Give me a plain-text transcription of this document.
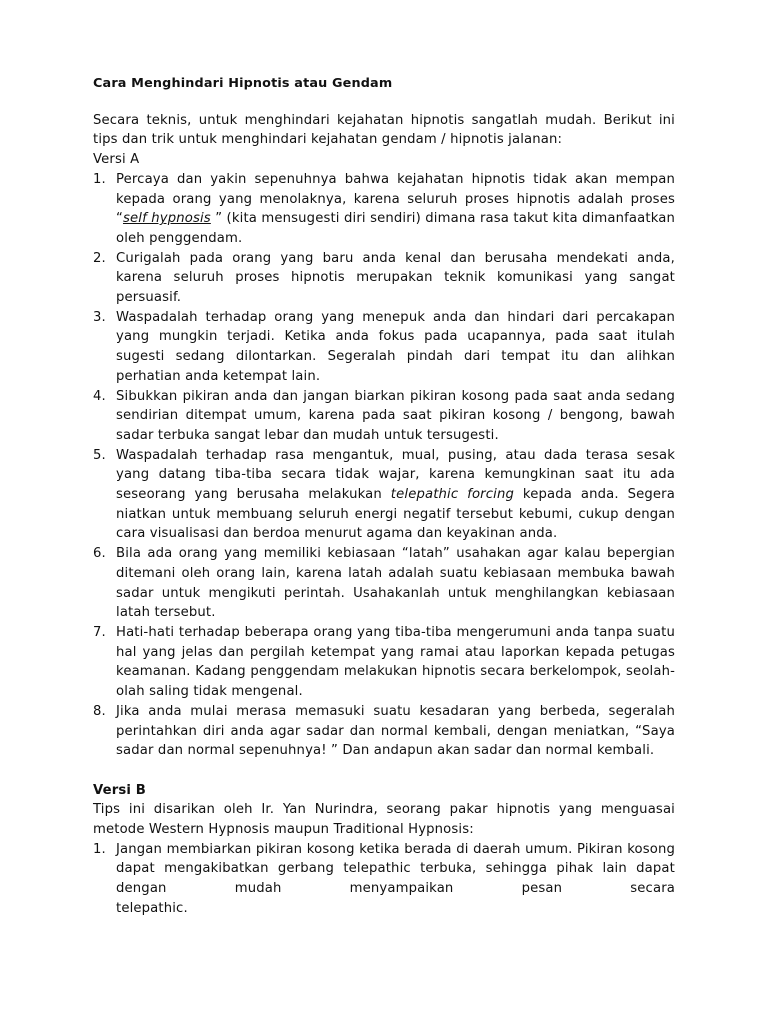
Cara Menghindari Hipnotis atau Gendam

Secara teknis, untuk menghindari kejahatan hipnotis sangatlah mudah. Berikut ini tips dan trik untuk menghindari kejahatan gendam / hipnotis jalanan:

Versi A
1. Percaya dan yakin sepenuhnya bahwa kejahatan hipnotis tidak akan mempan kepada orang yang menolaknya, karena seluruh proses hipnotis adalah proses “self hypnosis ” (kita mensugesti diri sendiri) dimana rasa takut kita dimanfaatkan oleh penggendam.
2. Curigalah pada orang yang baru anda kenal dan berusaha mendekati anda, karena seluruh proses hipnotis merupakan teknik komunikasi yang sangat persuasif.
3. Waspadalah terhadap orang yang menepuk anda dan hindari dari percakapan yang mungkin terjadi. Ketika anda fokus pada ucapannya, pada saat itulah sugesti sedang dilontarkan. Segeralah pindah dari tempat itu dan alihkan perhatian anda ketempat lain.
4. Sibukkan pikiran anda dan jangan biarkan pikiran kosong pada saat anda sedang sendirian ditempat umum, karena pada saat pikiran kosong / bengong, bawah sadar terbuka sangat lebar dan mudah untuk tersugesti.
5. Waspadalah terhadap rasa mengantuk, mual, pusing, atau dada terasa sesak yang datang tiba-tiba secara tidak wajar, karena kemungkinan saat itu ada seseorang yang berusaha melakukan telepathic forcing kepada anda. Segera niatkan untuk membuang seluruh energi negatif tersebut kebumi, cukup dengan cara visualisasi dan berdoa menurut agama dan keyakinan anda.
6. Bila ada orang yang memiliki kebiasaan “latah” usahakan agar kalau bepergian ditemani oleh orang lain, karena latah adalah suatu kebiasaan membuka bawah sadar untuk mengikuti perintah. Usahakanlah untuk menghilangkan kebiasaan latah tersebut.
7. Hati-hati terhadap beberapa orang yang tiba-tiba mengerumuni anda tanpa suatu hal yang jelas dan pergilah ketempat yang ramai atau laporkan kepada petugas keamanan. Kadang penggendam melakukan hipnotis secara berkelompok, seolah-olah saling tidak mengenal.
8. Jika anda mulai merasa memasuki suatu kesadaran yang berbeda, segeralah perintahkan diri anda agar sadar dan normal kembali, dengan meniatkan, “Saya sadar dan normal sepenuhnya! ” Dan andapun akan sadar dan normal kembali.
Versi B

Tips ini disarikan oleh Ir. Yan Nurindra, seorang pakar hipnotis yang menguasai metode Western Hypnosis maupun Traditional Hypnosis:

1. Jangan membiarkan pikiran kosong ketika berada di daerah umum. Pikiran kosong dapat mengakibatkan gerbang telepathic terbuka, sehingga pihak lain dapat dengan mudah menyampaikan pesan secara
telepathic.
